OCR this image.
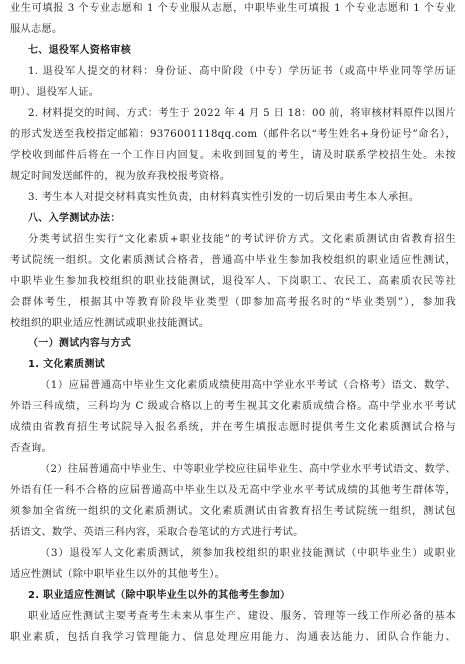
业生可填报 3 个专业志愿和 1 个专业服从志愿，中职毕业生可填报 1 个专业志愿和 1 个专业
服从志愿。
七、退役军人资格审核
1. 退役军人提交的材料：身份证、高中阶段（中专）学历证书（或高中毕业同等学历证
明）、退役军人证。
2. 材料提交的时间、方式：考生于 2022 年 4 月 5 日 18：00 前，将审核材料原件以图片
的形式发送至我校指定邮箱：9376001118qq.com（邮件名以“考生姓名+身份证号”命名），
学校收到邮件后将在一个工作日内回复。未收到回复的考生，请及时联系学校招生处。未按
规定时间发送邮件的，视为放弃我校报考资格。
3. 考生本人对提交材料真实性负责，由材料真实性引发的一切后果由考生本人承担。
八、入学测试办法：
分类考试招生实行“文化素质+职业技能”的考试评价方式。文化素质测试由省教育招生
考试院统一组织。文化素质测试合格者，普通高中毕业生参加我校组织的职业适应性测试，
中职毕业生参加我校组织的职业技能测试，退役军人、下岗职工、农民工、高素质农民等社
会群体考生，根据其中等教育阶段毕业类型（即参加高考报名时的“毕业类别”），参加我
校组织的职业适应性测试或职业技能测试。
（一）测试内容与方式
1. 文化素质测试
（1）应届普通高中毕业生文化素质成绩使用高中学业水平考试（合格考）语文、数学、
外语三科成绩，三科均为 C 级或合格以上的考生视其文化素质成绩合格。高中学业水平考试
成绩由省教育招生考试院导入报名系统，并在考生填报志愿时提供考生文化素质测试合格与
否查询。
（2）往届普通高中毕业生、中等职业学校应往届毕业生、高中学业水平考试语文、数学、
外语有任一科不合格的应届普通高中毕业生以及无高中学业水平考试成绩的其他考生群体等，
须参加全省统一组织的文化素质测试。文化素质测试由省教育招生考试院统一组织，测试包
括语文、数学、英语三科内容，采取合卷笔试的方式进行考试。
（3）退役军人文化素质测试，须参加我校组织的职业技能测试（中职毕业生）或职业
适应性测试（除中职毕业生以外的其他考生）。
2. 职业适应性测试（除中职毕业生以外的其他考生参加）
职业适应性测试主要考查考生未来从事生产、建设、服务、管理等一线工作所必备的基本
职业素质，包括自我学习管理能力、信息处理应用能力、沟通表达能力、团队合作能力、
